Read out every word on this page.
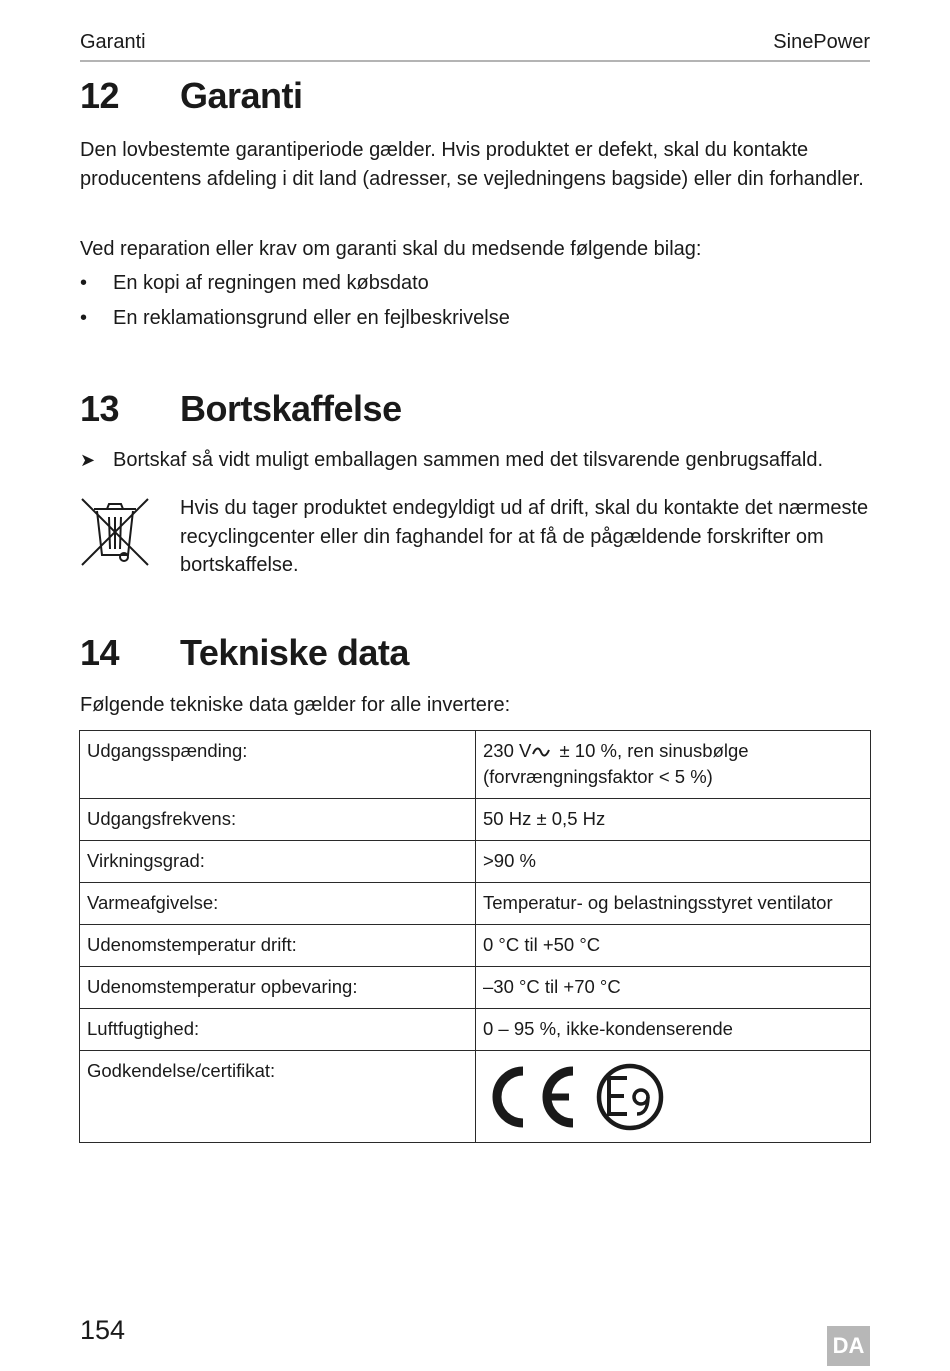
Garanti	SinePower
12 Garanti
Den lovbestemte garantiperiode gælder. Hvis produktet er defekt, skal du kontakte producentens afdeling i dit land (adresser, se vejledningens bagside) eller din forhandler.
Ved reparation eller krav om garanti skal du medsende følgende bilag:
• En kopi af regningen med købsdato
• En reklamationsgrund eller en fejlbeskrivelse
13 Bortskaffelse
➤ Bortskaf så vidt muligt emballagen sammen med det tilsvarende genbrugsaffald.
Hvis du tager produktet endegyldigt ud af drift, skal du kontakte det nærmeste recyclingcenter eller din faghandel for at få de pågældende forskrifter om bortskaffelse.
14 Tekniske data
Følgende tekniske data gælder for alle invertere:
Udgangsspænding:	230 V ± 10 %, ren sinusbølge
(forvrængningsfaktor < 5 %)
Udgangsfrekvens:	50 Hz ± 0,5 Hz
Virkningsgrad:	>90 %
Varmeafgivelse:	Temperatur- og belastningsstyret ventilator
Udenomstemperatur drift:	0 °C til +50 °C
Udenomstemperatur opbevaring:	–30 °C til +70 °C
Luftfugtighed:	0 – 95 %, ikke-kondenserende
Godkendelse/certifikat:	
154
DA
